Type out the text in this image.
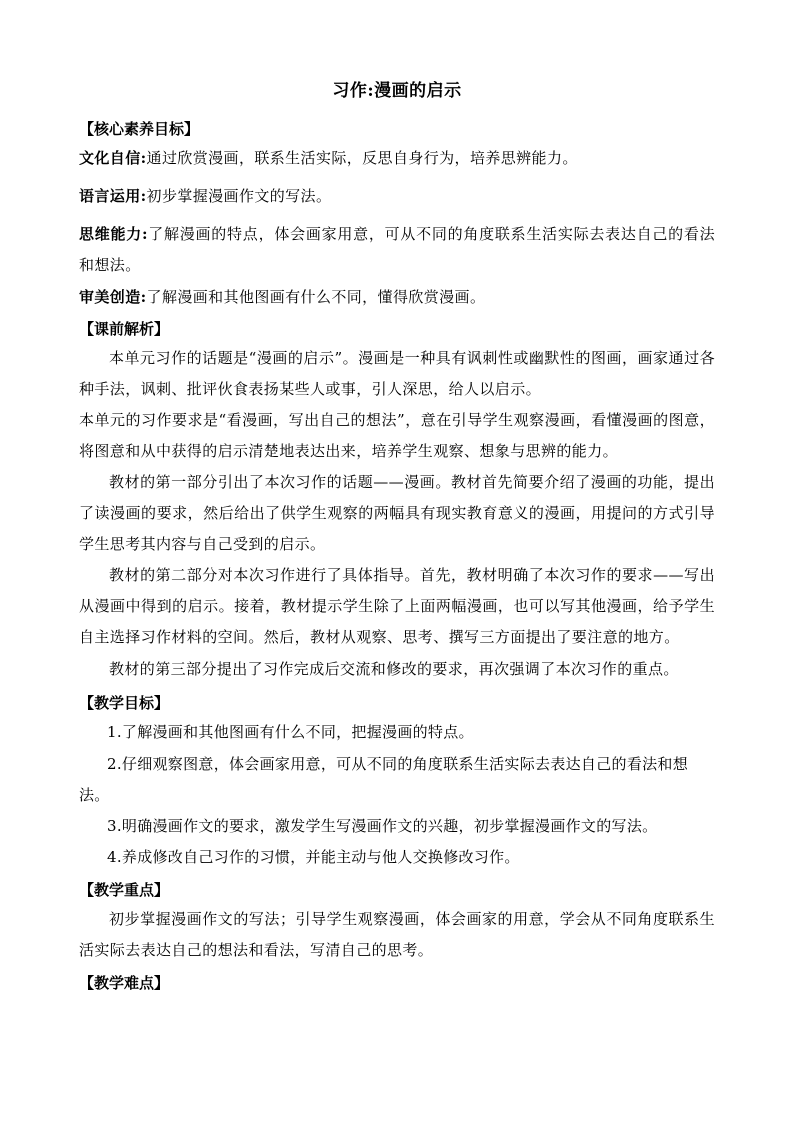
习作:漫画的启示
【核心素养目标】
文化自信:通过欣赏漫画，联系生活实际，反思自身行为，培养思辨能力。
语言运用:初步掌握漫画作文的写法。
思维能力:了解漫画的特点，体会画家用意，可从不同的角度联系生活实际去表达自己的看法和想法。
审美创造:了解漫画和其他图画有什么不同，懂得欣赏漫画。
【课前解析】
本单元习作的话题是“漫画的启示”。漫画是一种具有讽刺性或幽默性的图画，画家通过各种手法，讽刺、批评伙食表扬某些人或事，引人深思，给人以启示。
本单元的习作要求是“看漫画，写出自己的想法”，意在引导学生观察漫画，看懂漫画的图意，将图意和从中获得的启示清楚地表达出来，培养学生观察、想象与思辨的能力。
教材的第一部分引出了本次习作的话题——漫画。教材首先简要介绍了漫画的功能，提出了读漫画的要求，然后给出了供学生观察的两幅具有现实教育意义的漫画，用提问的方式引导学生思考其内容与自己受到的启示。
教材的第二部分对本次习作进行了具体指导。首先，教材明确了本次习作的要求——写出从漫画中得到的启示。接着，教材提示学生除了上面两幅漫画，也可以写其他漫画，给予学生自主选择习作材料的空间。然后，教材从观察、思考、撰写三方面提出了要注意的地方。
教材的第三部分提出了习作完成后交流和修改的要求，再次强调了本次习作的重点。
【教学目标】
1.了解漫画和其他图画有什么不同，把握漫画的特点。
2.仔细观察图意，体会画家用意，可从不同的角度联系生活实际去表达自己的看法和想法。
3.明确漫画作文的要求，激发学生写漫画作文的兴趣，初步掌握漫画作文的写法。
4.养成修改自己习作的习惯，并能主动与他人交换修改习作。
【教学重点】
初步掌握漫画作文的写法；引导学生观察漫画，体会画家的用意，学会从不同角度联系生活实际去表达自己的想法和看法，写清自己的思考。
【教学难点】
